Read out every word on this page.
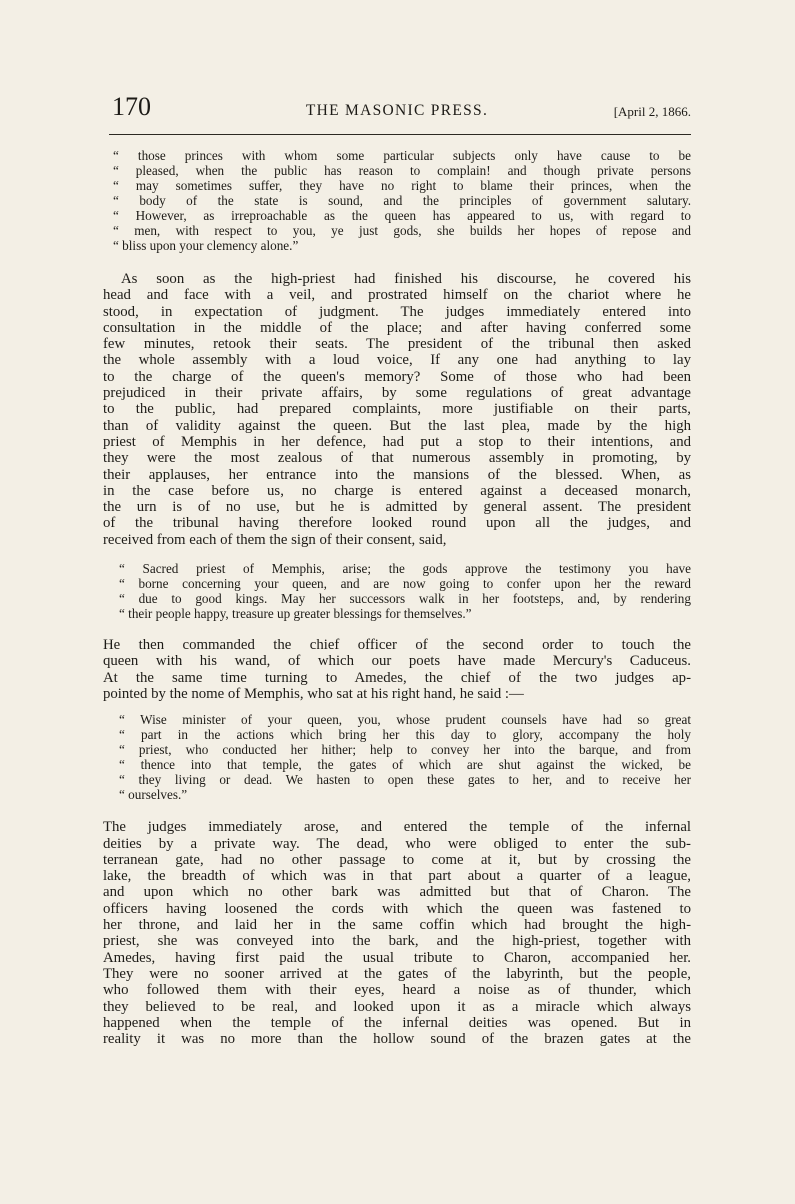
170	THE MASONIC PRESS.	[April 2, 1866.
“ those princes with whom some particular subjects only have cause to be
“ pleased, when the public has reason to complain! and though private persons
“ may sometimes suffer, they have no right to blame their princes, when the
“ body of the state is sound, and the principles of government salutary.
“ However, as irreproachable as the queen has appeared to us, with regard to
“ men, with respect to you, ye just gods, she builds her hopes of repose and
“ bliss upon your clemency alone.”
As soon as the high-priest had finished his discourse, he covered his
head and face with a veil, and prostrated himself on the chariot where he
stood, in expectation of judgment. The judges immediately entered into
consultation in the middle of the place; and after having conferred some
few minutes, retook their seats. The president of the tribunal then asked
the whole assembly with a loud voice, If any one had anything to lay
to the charge of the queen's memory? Some of those who had been
prejudiced in their private affairs, by some regulations of great advantage
to the public, had prepared complaints, more justifiable on their parts,
than of validity against the queen. But the last plea, made by the high
priest of Memphis in her defence, had put a stop to their intentions, and
they were the most zealous of that numerous assembly in promoting, by
their applauses, her entrance into the mansions of the blessed. When, as
in the case before us, no charge is entered against a deceased monarch,
the urn is of no use, but he is admitted by general assent. The president
of the tribunal having therefore looked round upon all the judges, and
received from each of them the sign of their consent, said,
“ Sacred priest of Memphis, arise; the gods approve the testimony you have
“ borne concerning your queen, and are now going to confer upon her the reward
“ due to good kings. May her successors walk in her footsteps, and, by rendering
“ their people happy, treasure up greater blessings for themselves.”
He then commanded the chief officer of the second order to touch the
queen with his wand, of which our poets have made Mercury's Caduceus.
At the same time turning to Amedes, the chief of the two judges ap-
pointed by the nome of Memphis, who sat at his right hand, he said :—
“ Wise minister of your queen, you, whose prudent counsels have had so great
“ part in the actions which bring her this day to glory, accompany the holy
“ priest, who conducted her hither; help to convey her into the barque, and from
“ thence into that temple, the gates of which are shut against the wicked, be
“ they living or dead. We hasten to open these gates to her, and to receive her
“ ourselves.”
The judges immediately arose, and entered the temple of the infernal
deities by a private way. The dead, who were obliged to enter the sub-
terranean gate, had no other passage to come at it, but by crossing the
lake, the breadth of which was in that part about a quarter of a league,
and upon which no other bark was admitted but that of Charon. The
officers having loosened the cords with which the queen was fastened to
her throne, and laid her in the same coffin which had brought the high-
priest, she was conveyed into the bark, and the high-priest, together with
Amedes, having first paid the usual tribute to Charon, accompanied her.
They were no sooner arrived at the gates of the labyrinth, but the people,
who followed them with their eyes, heard a noise as of thunder, which
they believed to be real, and looked upon it as a miracle which always
happened when the temple of the infernal deities was opened. But in
reality it was no more than the hollow sound of the brazen gates at the
